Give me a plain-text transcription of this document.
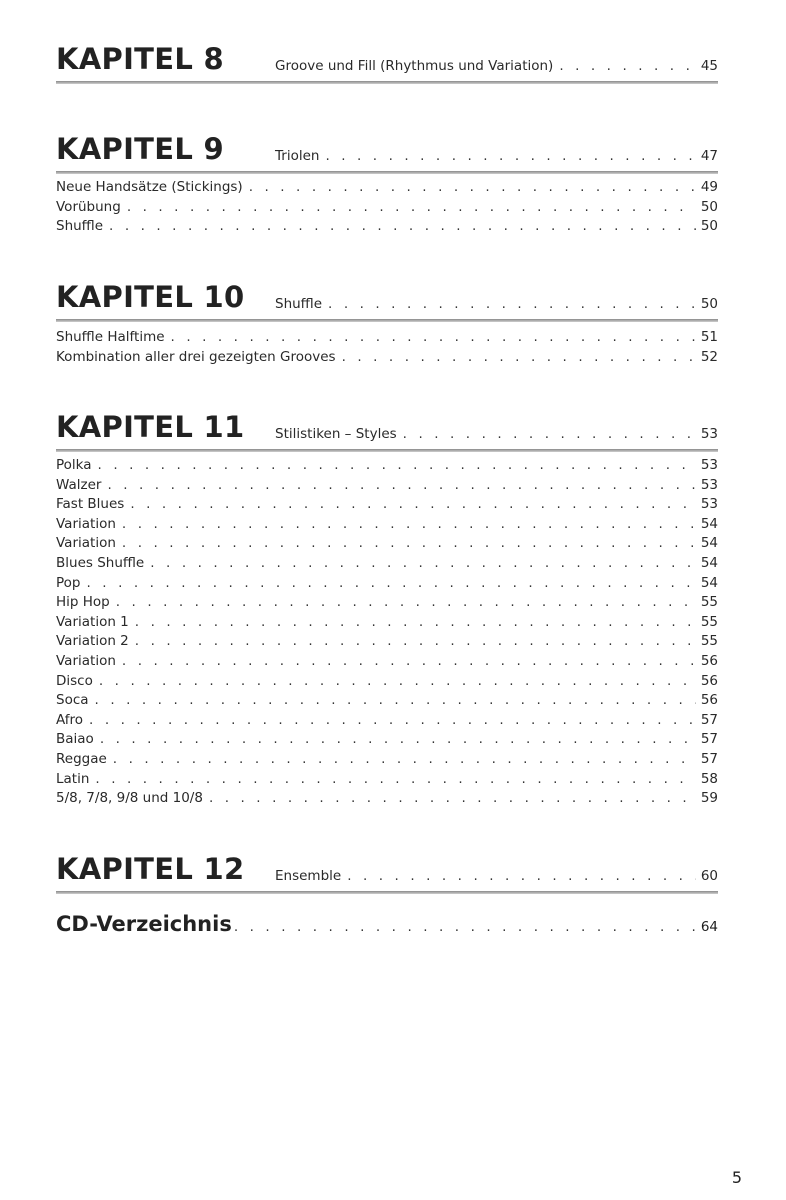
KAPITEL 8	Groove und Fill (Rhythmus und Variation) . . .	45
KAPITEL 9	Triolen . . .	47
Neue Handsätze (Stickings) . . .	49
Vorübung . . .	50
Shuffle . . .	50
KAPITEL 10 Shuffle . . .	50
Shuffle Halftime . . .	51
Kombination aller drei gezeigten Grooves . . .	52
KAPITEL 11 Stilistiken – Styles . . .	53
Polka . . .	53
Walzer . . .	53
Fast Blues . . .	53
Variation . . .	54
Variation . . .	54
Blues Shuffle . . .	54
Pop . . .	54
Hip Hop . . .	55
Variation 1 . . .	55
Variation 2 . . .	55
Variation . . .	56
Disco . . .	56
Soca . . .	56
Afro . . .	57
Baiao . . .	57
Reggae . . .	57
Latin . . .	58
5/8, 7/8, 9/8 und 10/8 . . .	59
KAPITEL 12 Ensemble . . .	60
CD-Verzeichnis . . .	64
5
